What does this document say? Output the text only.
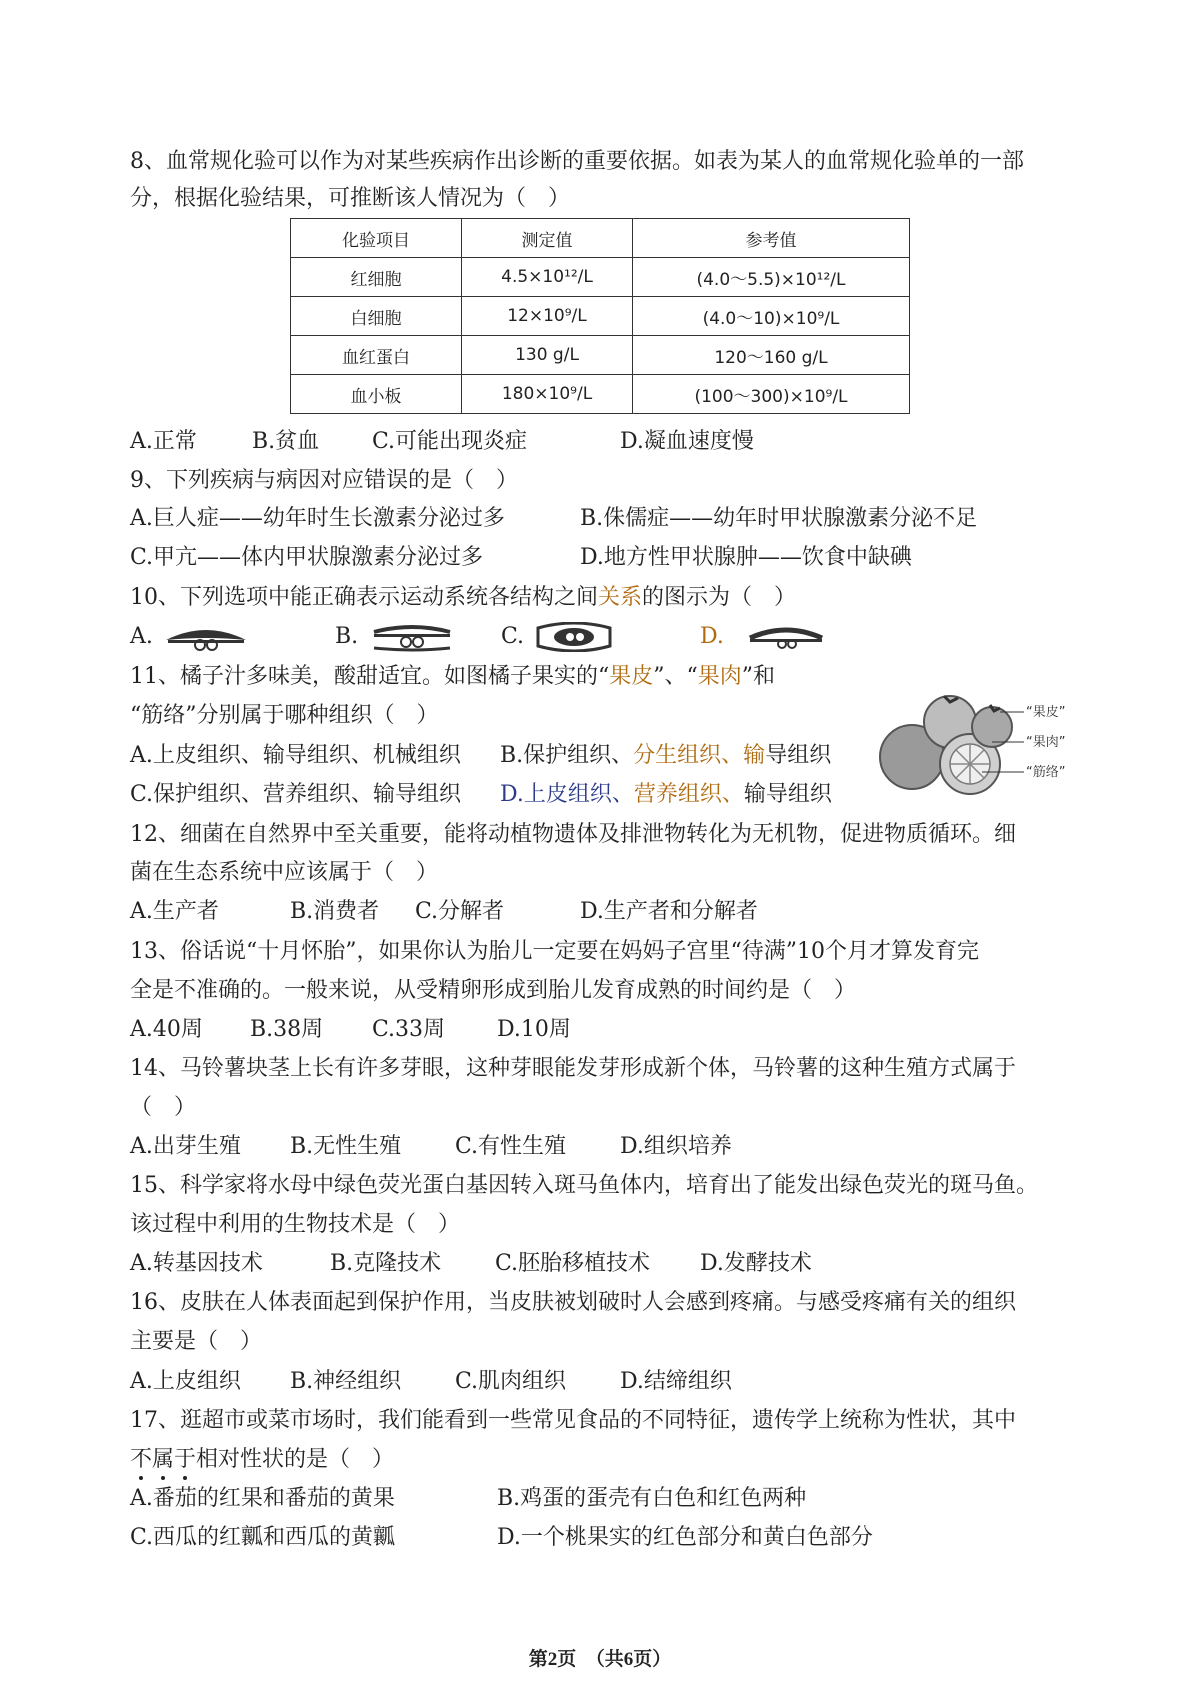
8、血常规化验可以作为对某些疾病作出诊断的重要依据。如表为某人的血常规化验单的一部
分，根据化验结果，可推断该人情况为（　）
化验项目	测定值	参考值
红细胞	4.5×10¹²/L	(4.0～5.5)×10¹²/L
白细胞	12×10⁹/L	(4.0～10)×10⁹/L
血红蛋白	130 g/L	120～160 g/L
血小板	180×10⁹/L	(100～300)×10⁹/L
A.正常	B.贫血 C.可能出现炎症	D.凝血速度慢
9、下列疾病与病因对应错误的是（　）
A.巨人症——幼年时生长激素分泌过多	B.侏儒症——幼年时甲状腺激素分泌不足
C.甲亢——体内甲状腺激素分泌过多	D.地方性甲状腺肿——饮食中缺碘
10、下列选项中能正确表示运动系统各结构之间关系的图示为（　）
A.	B.	C.	D.
11、橘子汁多味美，酸甜适宜。如图橘子果实的“果皮”、“果肉”和
“筋络”分别属于哪种组织（　）
A.上皮组织、输导组织、机械组织 B.保护组织、分生组织、输导组织
C.保护组织、营养组织、输导组织 D.上皮组织、营养组织、输导组织
“果皮”
“果肉”
“筋络”
12、细菌在自然界中至关重要，能将动植物遗体及排泄物转化为无机物，促进物质循环。细
菌在生态系统中应该属于（　）
A.生产者	B.消费者 C.分解者	D.生产者和分解者
13、俗话说“十月怀胎”，如果你认为胎儿一定要在妈妈子宫里“待满”10个月才算发育完
全是不准确的。一般来说，从受精卵形成到胎儿发育成熟的时间约是（　）
A.40周 B.38周 C.33周 D.10周
14、马铃薯块茎上长有许多芽眼，这种芽眼能发芽形成新个体，马铃薯的这种生殖方式属于
（　）
A.出芽生殖 B.无性生殖 C.有性生殖 D.组织培养
15、科学家将水母中绿色荧光蛋白基因转入斑马鱼体内，培育出了能发出绿色荧光的斑马鱼。
该过程中利用的生物技术是（　）
A.转基因技术	B.克隆技术 C.胚胎移植技术 D.发酵技术
16、皮肤在人体表面起到保护作用，当皮肤被划破时人会感到疼痛。与感受疼痛有关的组织
主要是（　）
A.上皮组织 B.神经组织 C.肌肉组织 D.结缔组织
17、逛超市或菜市场时，我们能看到一些常见食品的不同特征，遗传学上统称为性状，其中
不属于相对性状的是（　）
A.番茄的红果和番茄的黄果	B.鸡蛋的蛋壳有白色和红色两种
C.西瓜的红瓤和西瓜的黄瓤	D.一个桃果实的红色部分和黄白色部分
第2页　（共6页）
